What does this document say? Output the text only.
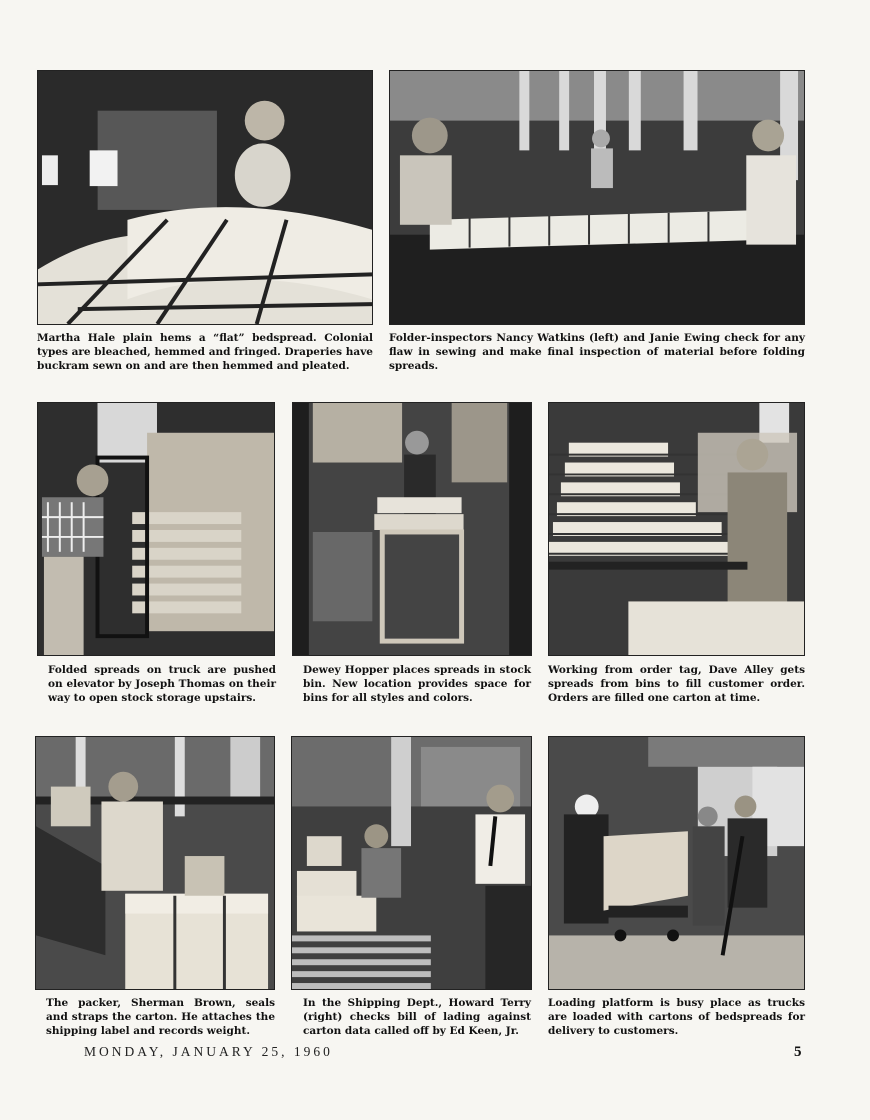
Martha Hale plain hems a “flat” bedspread. Colonial types are bleached, hemmed and fringed. Draperies have buckram sewn on and are then hemmed and pleated.

Folder-inspectors Nancy Watkins (left) and Janie Ewing check for any flaw in sewing and make final inspection of material before folding spreads.

Folded spreads on truck are pushed on elevator by Joseph Thomas on their way to open stock storage upstairs.

Dewey Hopper places spreads in stock bin. New location provides space for bins for all styles and colors.

Working from order tag, Dave Alley gets spreads from bins to fill customer order. Orders are filled one carton at time.

The packer, Sherman Brown, seals and straps the carton. He attaches the shipping label and records weight.

In the Shipping Dept., Howard Terry (right) checks bill of lading against carton data called off by Ed Keen, Jr.

Loading platform is busy place as trucks are loaded with cartons of bedspreads for delivery to customers.

MONDAY, JANUARY 25, 1960	5
